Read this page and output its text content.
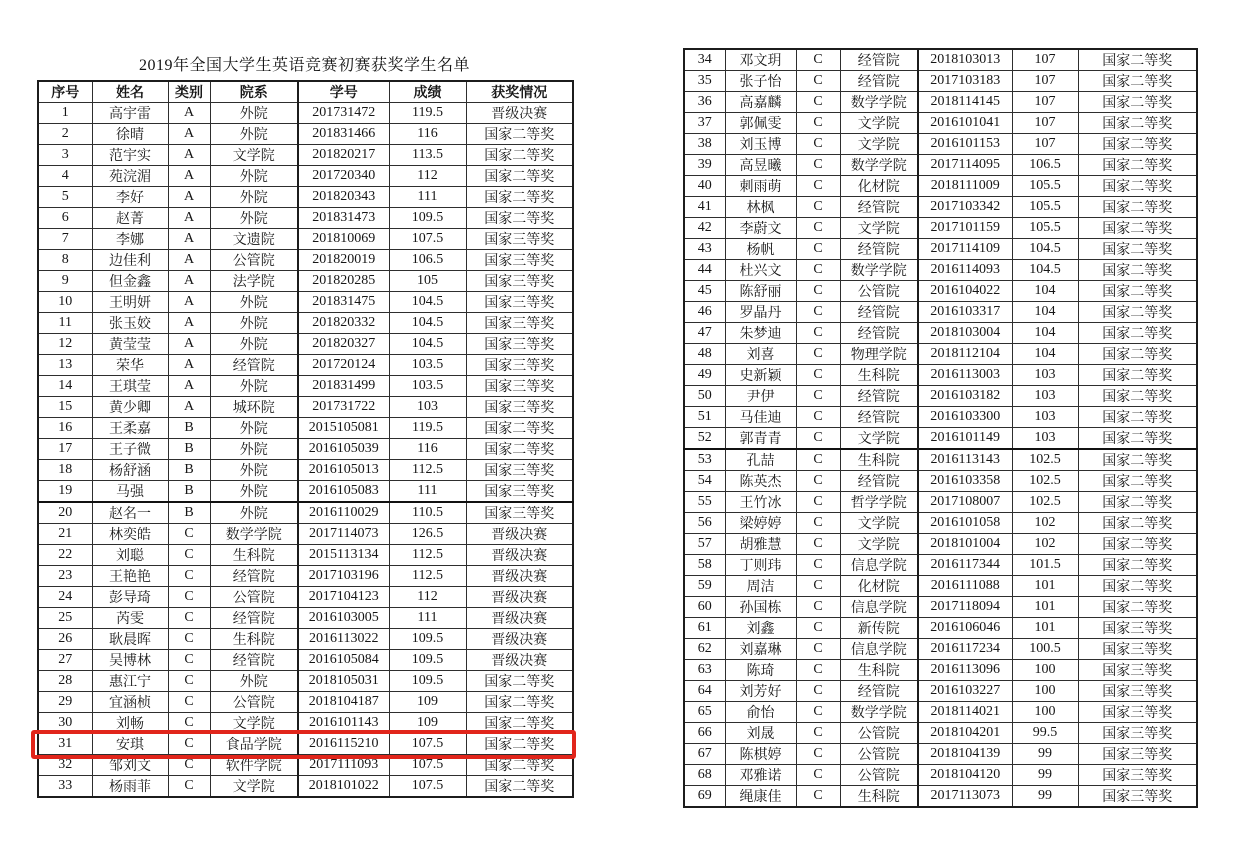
2019年全国大学生英语竞赛初赛获奖学生名单
序号	姓名	类别	院系	学号	成绩	获奖情况
1	高宇雷	A	外院	201731472	119.5	晋级决赛
2	徐晴	A	外院	201831466	116	国家二等奖
3	范宇实	A	文学院	201820217	113.5	国家二等奖
4	苑浣湄	A	外院	201720340	112	国家二等奖
5	李好	A	外院	201820343	111	国家二等奖
6	赵菁	A	外院	201831473	109.5	国家二等奖
7	李娜	A	文遗院	201810069	107.5	国家三等奖
8	边佳利	A	公管院	201820019	106.5	国家三等奖
9	但金鑫	A	法学院	201820285	105	国家三等奖
10	王明妍	A	外院	201831475	104.5	国家三等奖
11	张玉姣	A	外院	201820332	104.5	国家三等奖
12	黄莹莹	A	外院	201820327	104.5	国家三等奖
13	荣华	A	经管院	201720124	103.5	国家三等奖
14	王琪莹	A	外院	201831499	103.5	国家三等奖
15	黄少卿	A	城环院	201731722	103	国家三等奖
16	王柔嘉	B	外院	2015105081	119.5	国家二等奖
17	王子微	B	外院	2016105039	116	国家二等奖
18	杨舒涵	B	外院	2016105013	112.5	国家三等奖
19	马强	B	外院	2016105083	111	国家三等奖
20	赵名一	B	外院	2016110029	110.5	国家三等奖
21	林奕皓	C	数学学院	2017114073	126.5	晋级决赛
22	刘聪	C	生科院	2015113134	112.5	晋级决赛
23	王艳艳	C	经管院	2017103196	112.5	晋级决赛
24	彭导琦	C	公管院	2017104123	112	晋级决赛
25	芮雯	C	经管院	2016103005	111	晋级决赛
26	耿晨晖	C	生科院	2016113022	109.5	晋级决赛
27	吴博林	C	经管院	2016105084	109.5	晋级决赛
28	惠江宁	C	外院	2018105031	109.5	国家二等奖
29	宜涵桢	C	公管院	2018104187	109	国家二等奖
30	刘畅	C	文学院	2016101143	109	国家二等奖
31	安琪	C	食品学院	2016115210	107.5	国家二等奖
32	邹刘文	C	软件学院	2017111093	107.5	国家二等奖
33	杨雨菲	C	文学院	2018101022	107.5	国家二等奖
34	邓文玥	C	经管院	2018103013	107	国家二等奖
35	张子怡	C	经管院	2017103183	107	国家二等奖
36	高嘉麟	C	数学学院	2018114145	107	国家二等奖
37	郭佩雯	C	文学院	2016101041	107	国家二等奖
38	刘玉博	C	文学院	2016101153	107	国家二等奖
39	高昱曦	C	数学学院	2017114095	106.5	国家二等奖
40	刺雨萌	C	化材院	2018111009	105.5	国家二等奖
41	林枫	C	经管院	2017103342	105.5	国家二等奖
42	李蔚文	C	文学院	2017101159	105.5	国家二等奖
43	杨帆	C	经管院	2017114109	104.5	国家二等奖
44	杜兴文	C	数学学院	2016114093	104.5	国家二等奖
45	陈舒丽	C	公管院	2016104022	104	国家二等奖
46	罗晶丹	C	经管院	2016103317	104	国家二等奖
47	朱梦迪	C	经管院	2018103004	104	国家二等奖
48	刘喜	C	物理学院	2018112104	104	国家二等奖
49	史新颖	C	生科院	2016113003	103	国家二等奖
50	尹伊	C	经管院	2016103182	103	国家二等奖
51	马佳迪	C	经管院	2016103300	103	国家二等奖
52	郭青青	C	文学院	2016101149	103	国家二等奖
53	孔喆	C	生科院	2016113143	102.5	国家二等奖
54	陈英杰	C	经管院	2016103358	102.5	国家二等奖
55	王竹冰	C	哲学学院	2017108007	102.5	国家二等奖
56	梁婷婷	C	文学院	2016101058	102	国家二等奖
57	胡雅慧	C	文学院	2018101004	102	国家二等奖
58	丁则玮	C	信息学院	2016117344	101.5	国家二等奖
59	周洁	C	化材院	2016111088	101	国家二等奖
60	孙国栋	C	信息学院	2017118094	101	国家二等奖
61	刘鑫	C	新传院	2016106046	101	国家三等奖
62	刘嘉琳	C	信息学院	2016117234	100.5	国家三等奖
63	陈琦	C	生科院	2016113096	100	国家三等奖
64	刘芳好	C	经管院	2016103227	100	国家三等奖
65	俞怡	C	数学学院	2018114021	100	国家三等奖
66	刘晟	C	公管院	2018104201	99.5	国家三等奖
67	陈棋婷	C	公管院	2018104139	99	国家三等奖
68	邓雅诺	C	公管院	2018104120	99	国家三等奖
69	绳康佳	C	生科院	2017113073	99	国家三等奖
